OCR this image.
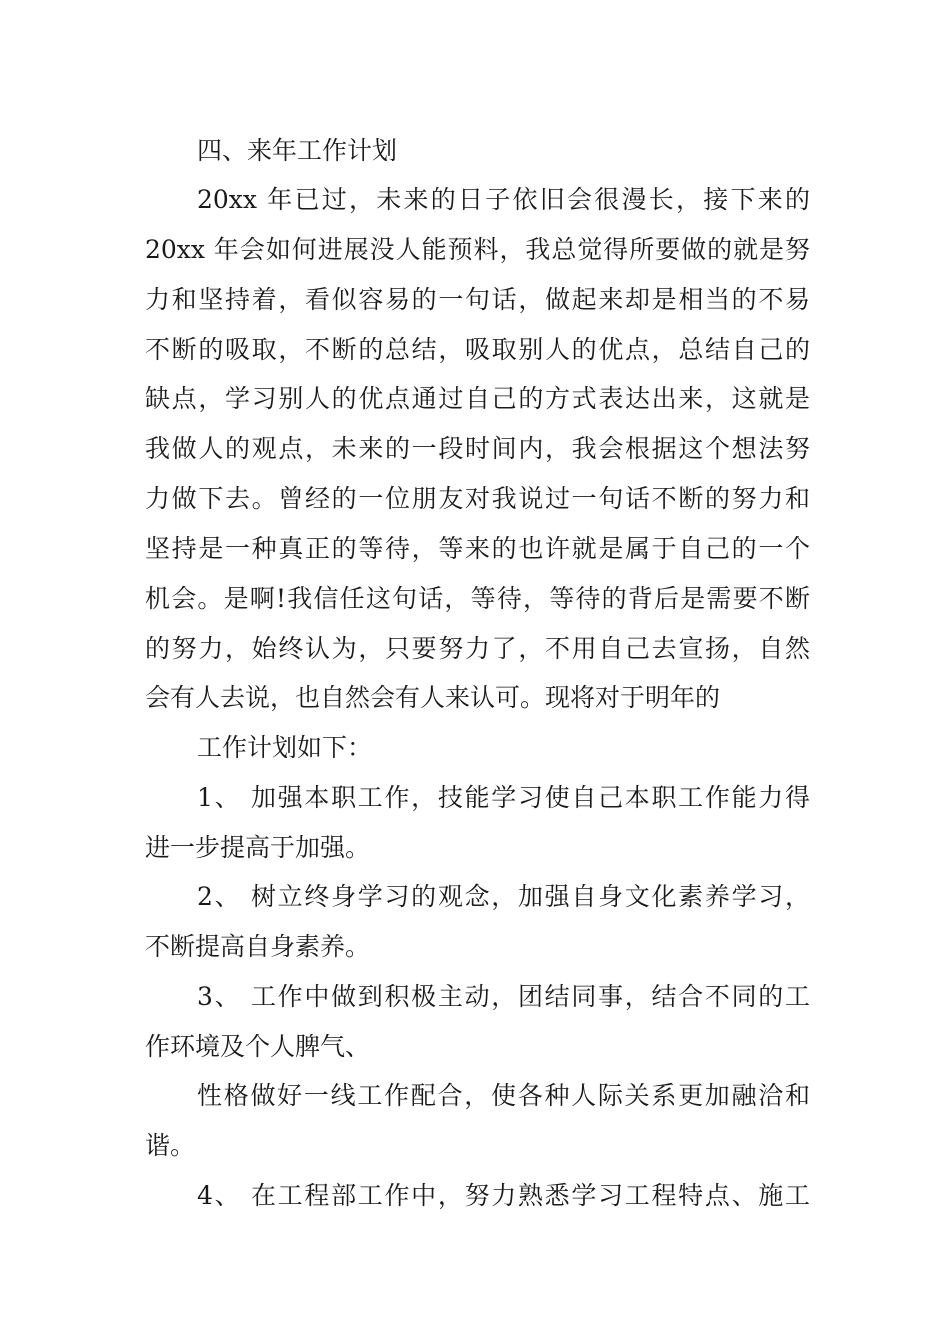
四、来年工作计划
20xx 年已过，未来的日子依旧会很漫长，接下来的
20xx 年会如何进展没人能预料，我总觉得所要做的就是努
力和坚持着，看似容易的一句话，做起来却是相当的不易
不断的吸取，不断的总结，吸取别人的优点，总结自己的
缺点，学习别人的优点通过自己的方式表达出来，这就是
我做人的观点，未来的一段时间内，我会根据这个想法努
力做下去。曾经的一位朋友对我说过一句话不断的努力和
坚持是一种真正的等待，等来的也许就是属于自己的一个
机会。是啊!我信任这句话，等待，等待的背后是需要不断
的努力，始终认为，只要努力了，不用自己去宣扬，自然
会有人去说，也自然会有人来认可。现将对于明年的
工作计划如下：
1、 加强本职工作，技能学习使自己本职工作能力得
进一步提高于加强。
2、 树立终身学习的观念，加强自身文化素养学习，
不断提高自身素养。
3、 工作中做到积极主动，团结同事，结合不同的工
作环境及个人脾气、
性格做好一线工作配合，使各种人际关系更加融洽和
谐。
4、 在工程部工作中，努力熟悉学习工程特点、施工
